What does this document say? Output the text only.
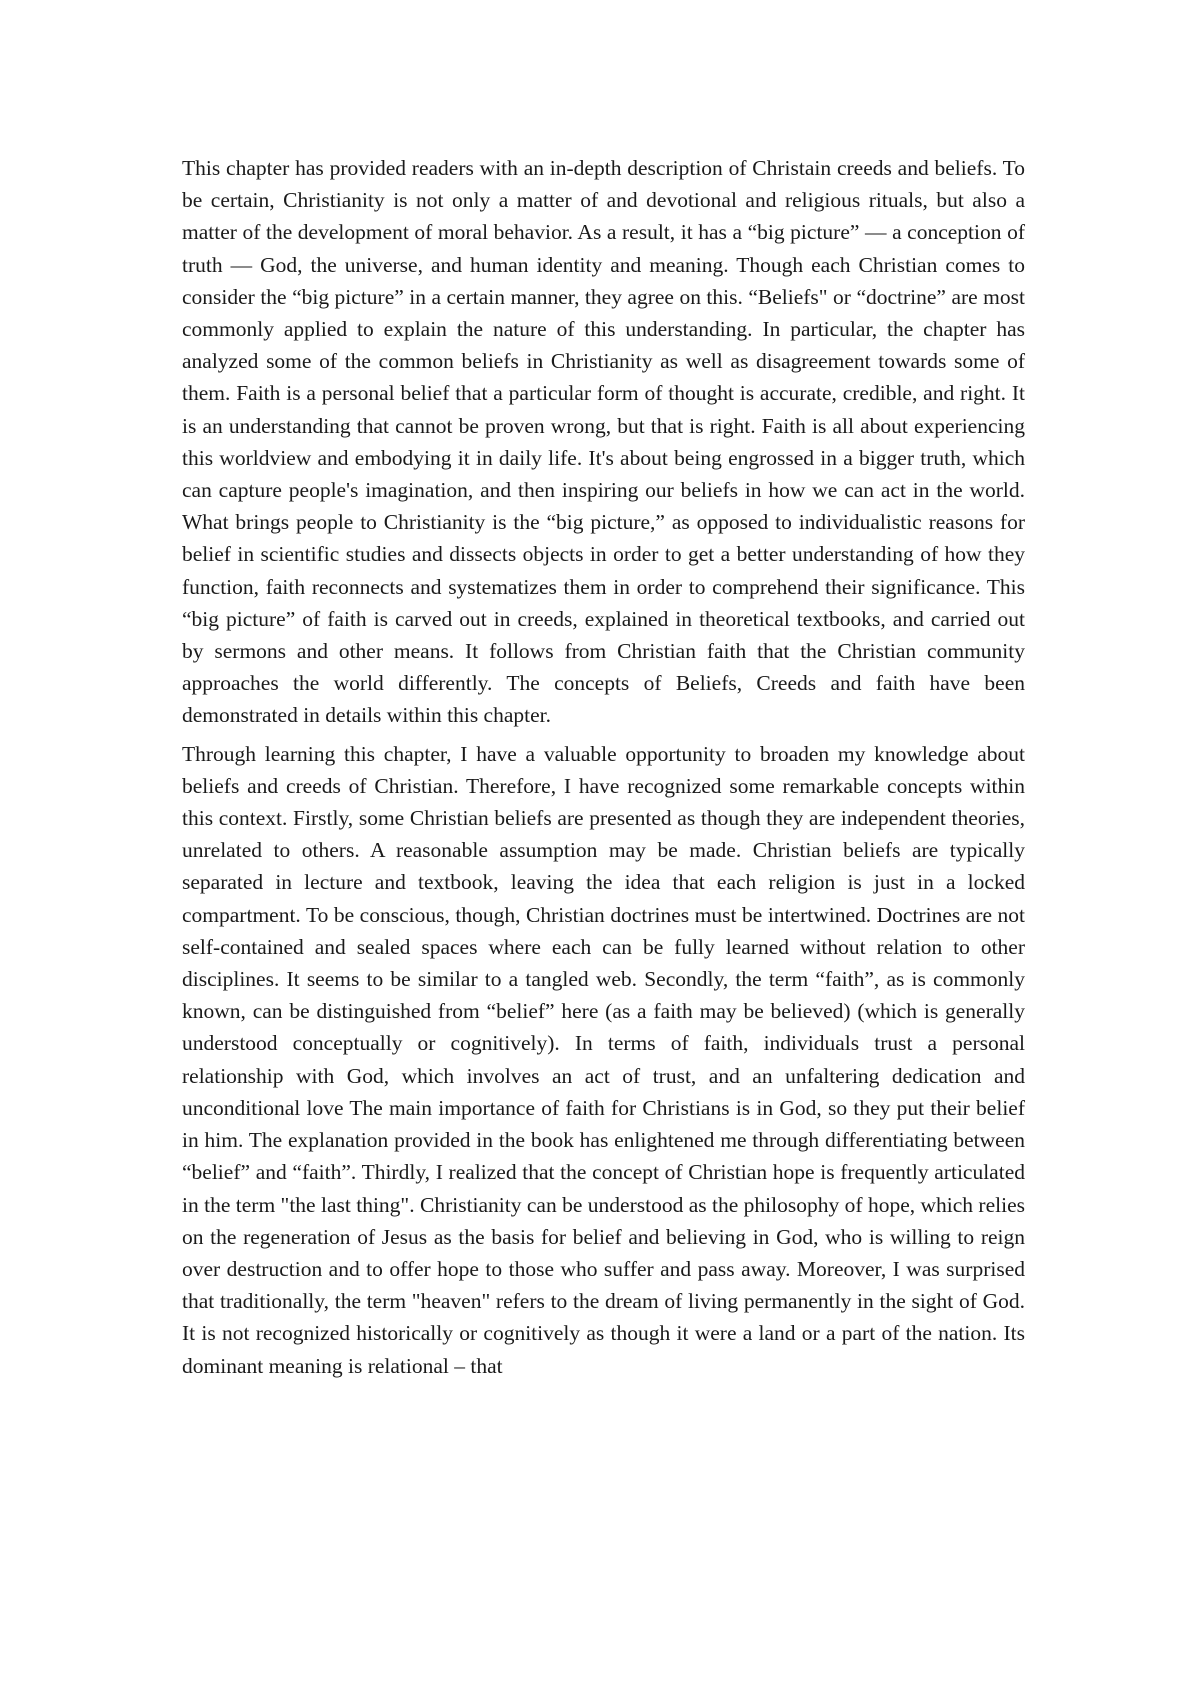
This chapter has provided readers with an in-depth description of Christain creeds and beliefs. To be certain, Christianity is not only a matter of and devotional and religious rituals, but also a matter of the development of moral behavior. As a result, it has a “big picture” — a conception of truth — God, the universe, and human identity and meaning. Though each Christian comes to consider the “big picture” in a certain manner, they agree on this. “Beliefs" or “doctrine” are most commonly applied to explain the nature of this understanding. In particular, the chapter has analyzed some of the common beliefs in Christianity as well as disagreement towards some of them. Faith is a personal belief that a particular form of thought is accurate, credible, and right. It is an understanding that cannot be proven wrong, but that is right. Faith is all about experiencing this worldview and embodying it in daily life. It's about being engrossed in a bigger truth, which can capture people's imagination, and then inspiring our beliefs in how we can act in the world. What brings people to Christianity is the “big picture,” as opposed to individualistic reasons for belief in scientific studies and dissects objects in order to get a better understanding of how they function, faith reconnects and systematizes them in order to comprehend their significance. This “big picture” of faith is carved out in creeds, explained in theoretical textbooks, and carried out by sermons and other means. It follows from Christian faith that the Christian community approaches the world differently. The concepts of Beliefs, Creeds and faith have been demonstrated in details within this chapter.

Through learning this chapter, I have a valuable opportunity to broaden my knowledge about beliefs and creeds of Christian. Therefore, I have recognized some remarkable concepts within this context. Firstly, some Christian beliefs are presented as though they are independent theories, unrelated to others. A reasonable assumption may be made. Christian beliefs are typically separated in lecture and textbook, leaving the idea that each religion is just in a locked compartment. To be conscious, though, Christian doctrines must be intertwined. Doctrines are not self-contained and sealed spaces where each can be fully learned without relation to other disciplines. It seems to be similar to a tangled web. Secondly, the term “faith”, as is commonly known, can be distinguished from “belief” here (as a faith may be believed) (which is generally understood conceptually or cognitively). In terms of faith, individuals trust a personal relationship with God, which involves an act of trust, and an unfaltering dedication and unconditional love The main importance of faith for Christians is in God, so they put their belief in him. The explanation provided in the book has enlightened me through differentiating between “belief” and “faith”. Thirdly, I realized that the concept of Christian hope is frequently articulated in the term "the last thing". Christianity can be understood as the philosophy of hope, which relies on the regeneration of Jesus as the basis for belief and believing in God, who is willing to reign over destruction and to offer hope to those who suffer and pass away. Moreover, I was surprised that traditionally, the term "heaven" refers to the dream of living permanently in the sight of God. It is not recognized historically or cognitively as though it were a land or a part of the nation. Its dominant meaning is relational – that
